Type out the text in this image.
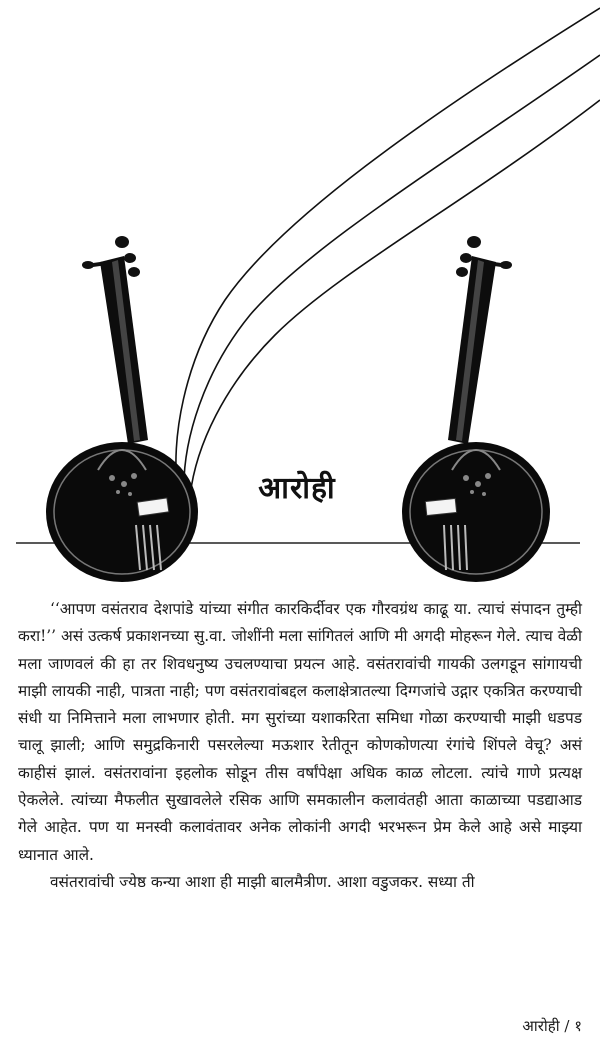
आरोही

‘‘आपण वसंतराव देशपांडे यांच्या संगीत कारकिर्दीवर एक गौरवग्रंथ काढू या. त्याचं संपादन तुम्ही करा!’’ असं उत्कर्ष प्रकाशनच्या सु.वा. जोशींनी मला सांगितलं आणि मी अगदी मोहरून गेले. त्याच वेळी मला जाणवलं की हा तर शिवधनुष्य उचलण्याचा प्रयत्न आहे. वसंतरावांची गायकी उलगडून सांगायची माझी लायकी नाही, पात्रता नाही; पण वसंतरावांबद्दल कलाक्षेत्रातल्या दिग्गजांचे उद्गार एकत्रित करण्याची संधी या निमित्ताने मला लाभणार होती. मग सुरांच्या यशाकरिता समिधा गोळा करण्याची माझी धडपड चालू झाली; आणि समुद्रकिनारी पसरलेल्या मऊशार रेतीतून कोणकोणत्या रंगांचे शिंपले वेचू? असं काहीसं झालं. वसंतरावांना इहलोक सोडून तीस वर्षांपेक्षा अधिक काळ लोटला. त्यांचे गाणे प्रत्यक्ष ऐकलेले. त्यांच्या मैफलीत सुखावलेले रसिक आणि समकालीन कलावंतही आता काळाच्या पडद्याआड गेले आहेत. पण या मनस्वी कलावंतावर अनेक लोकांनी अगदी भरभरून प्रेम केले आहे असे माझ्या ध्यानात आले.

वसंतरावांची ज्येष्ठ कन्या आशा ही माझी बालमैत्रीण. आशा वडुजकर. सध्या ती

आरोही / १
